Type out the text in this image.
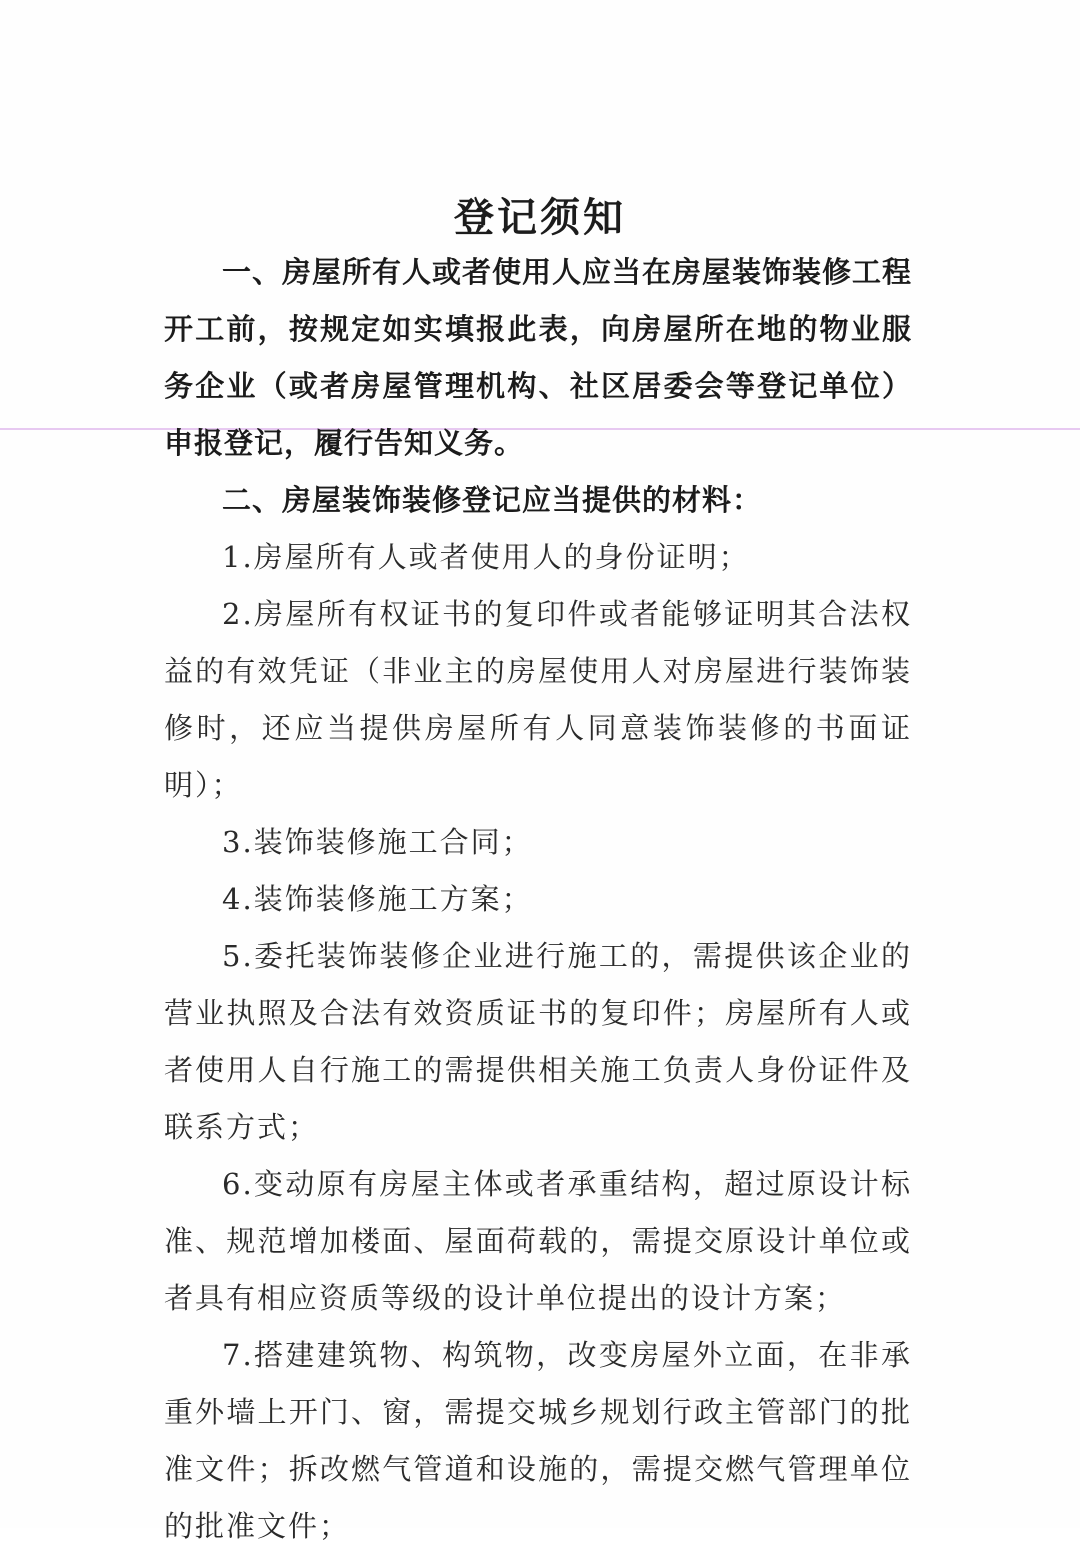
登记须知

一、房屋所有人或者使用人应当在房屋装饰装修工程开工前，按规定如实填报此表，向房屋所在地的物业服务企业（或者房屋管理机构、社区居委会等登记单位）申报登记，履行告知义务。

二、房屋装饰装修登记应当提供的材料：

1.房屋所有人或者使用人的身份证明；

2.房屋所有权证书的复印件或者能够证明其合法权益的有效凭证（非业主的房屋使用人对房屋进行装饰装修时，还应当提供房屋所有人同意装饰装修的书面证明）；

3.装饰装修施工合同；

4.装饰装修施工方案；

5.委托装饰装修企业进行施工的，需提供该企业的营业执照及合法有效资质证书的复印件；房屋所有人或者使用人自行施工的需提供相关施工负责人身份证件及联系方式；

6.变动原有房屋主体或者承重结构，超过原设计标准、规范增加楼面、屋面荷载的，需提交原设计单位或者具有相应资质等级的设计单位提出的设计方案；

7.搭建建筑物、构筑物，改变房屋外立面，在非承重外墙上开门、窗，需提交城乡规划行政主管部门的批准文件；拆改燃气管道和设施的，需提交燃气管理单位的批准文件；
